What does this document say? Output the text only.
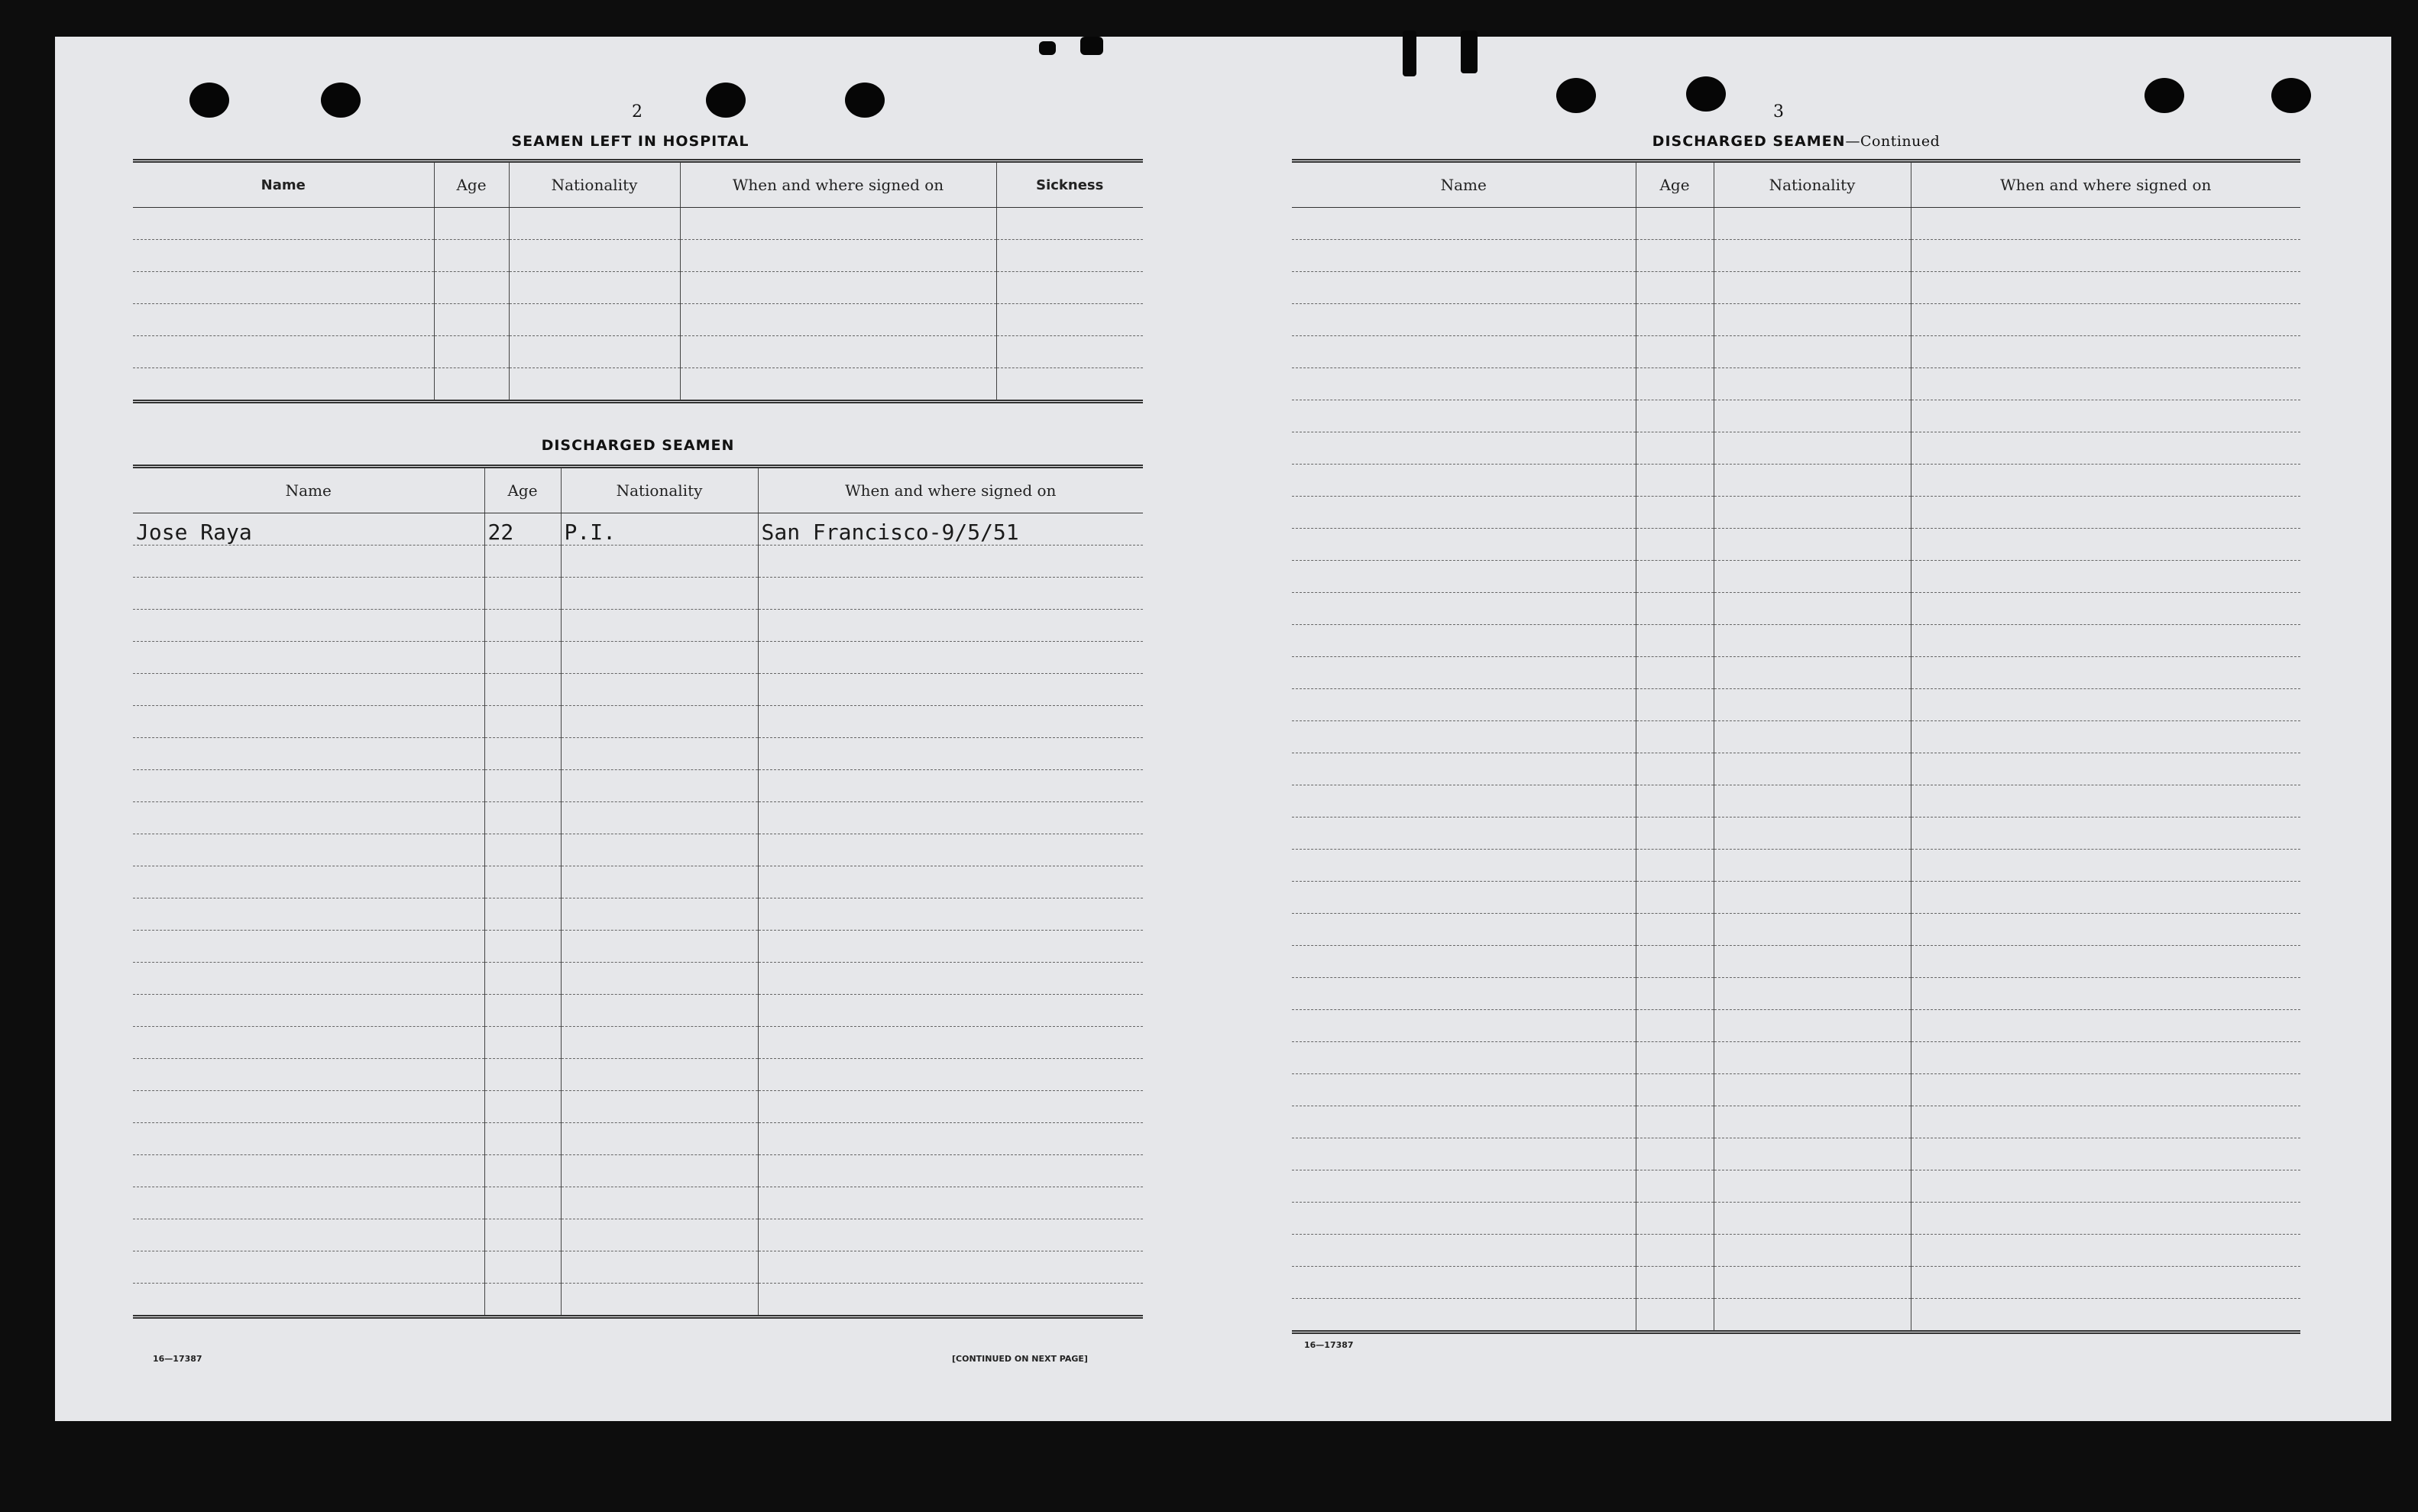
2
SEAMEN LEFT IN HOSPITAL
Name	Age	Nationality	When and where signed on	Sickness

DISCHARGED SEAMEN
Name	Age	Nationality	When and where signed on
Jose Raya	22	P.I.	San Francisco-9/5/51

16—17387	[CONTINUED ON NEXT PAGE]
3
DISCHARGED SEAMEN—Continued
Name	Age	Nationality	When and where signed on

16—17387
